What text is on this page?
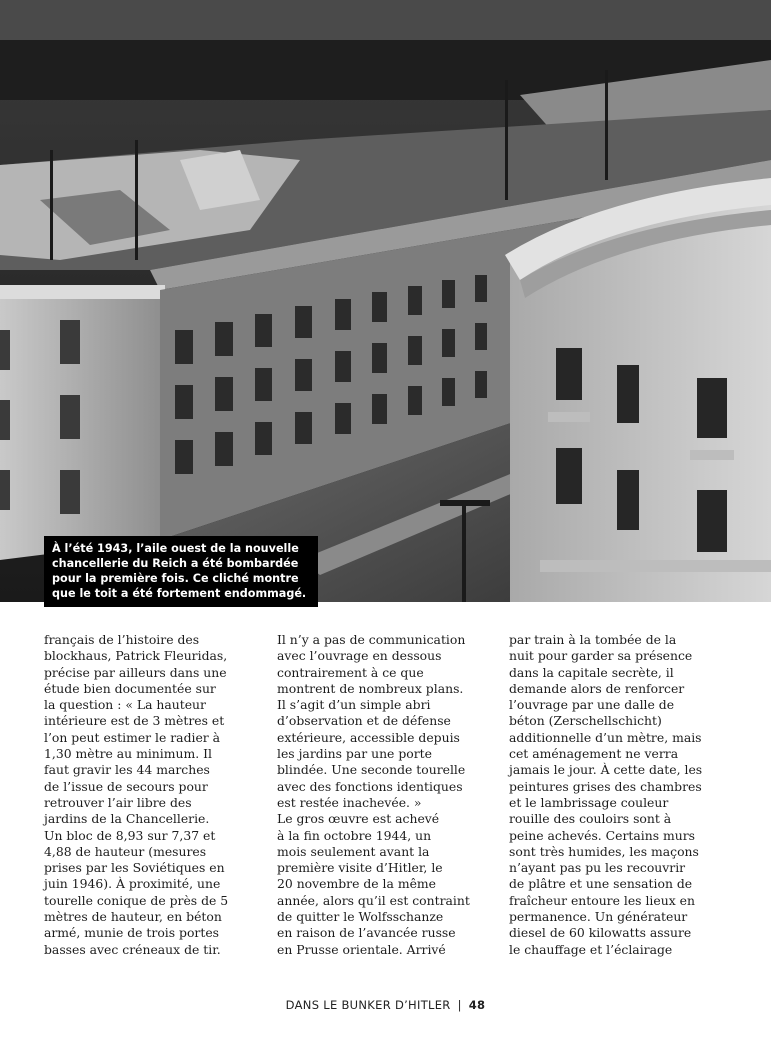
À l’été 1943, l’aile ouest de la nouvelle chancellerie du Reich a été bombardée pour la première fois. Ce cliché montre que le toit a été fortement endommagé.
français de l’histoire des
blockhaus, Patrick Fleuridas,
précise par ailleurs dans une
étude bien documentée sur
la question : « La hauteur
intérieure est de 3 mètres et
l’on peut estimer le radier à
1,30 mètre au minimum. Il
faut gravir les 44 marches
de l’issue de secours pour
retrouver l’air libre des
jardins de la Chancellerie.
Un bloc de 8,93 sur 7,37 et
4,88 de hauteur (mesures
prises par les Soviétiques en
juin 1946). À proximité, une
tourelle conique de près de 5
mètres de hauteur, en béton
armé, munie de trois portes
basses avec créneaux de tir.
Il n’y a pas de communication
avec l’ouvrage en dessous
contrairement à ce que
montrent de nombreux plans.
Il s’agit d’un simple abri
d’observation et de défense
extérieure, accessible depuis
les jardins par une porte
blindée. Une seconde tourelle
avec des fonctions identiques
est restée inachevée. »
Le gros œuvre est achevé
à la fin octobre 1944, un
mois seulement avant la
première visite d’Hitler, le
20 novembre de la même
année, alors qu’il est contraint
de quitter le Wolfsschanze
en raison de l’avancée russe
en Prusse orientale. Arrivé
par train à la tombée de la
nuit pour garder sa présence
dans la capitale secrète, il
demande alors de renforcer
l’ouvrage par une dalle de
béton (Zerschellschicht)
additionnelle d’un mètre, mais
cet aménagement ne verra
jamais le jour. À cette date, les
peintures grises des chambres
et le lambrissage couleur
rouille des couloirs sont à
peine achevés. Certains murs
sont très humides, les maçons
n’ayant pas pu les recouvrir
de plâtre et une sensation de
fraîcheur entoure les lieux en
permanence. Un générateur
diesel de 60 kilowatts assure
le chauffage et l’éclairage
DANS LE BUNKER D’HITLER | 48
